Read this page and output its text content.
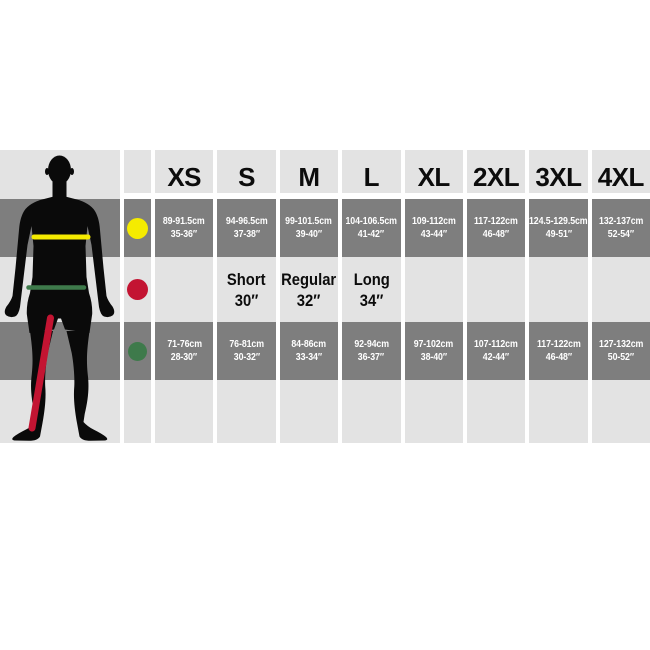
XS
89-91.5cm
35-36″
71-76cm
28-30″
S
94-96.5cm
37-38″
Short
30″
76-81cm
30-32″
M
99-101.5cm
39-40″
Regular
32″
84-86cm
33-34″
L
104-106.5cm
41-42″
Long
34″
92-94cm
36-37″
XL
109-112cm
43-44″
97-102cm
38-40″
2XL
117-122cm
46-48″
107-112cm
42-44″
3XL
124.5-129.5cm
49-51″
117-122cm
46-48″
4XL
132-137cm
52-54″
127-132cm
50-52″
